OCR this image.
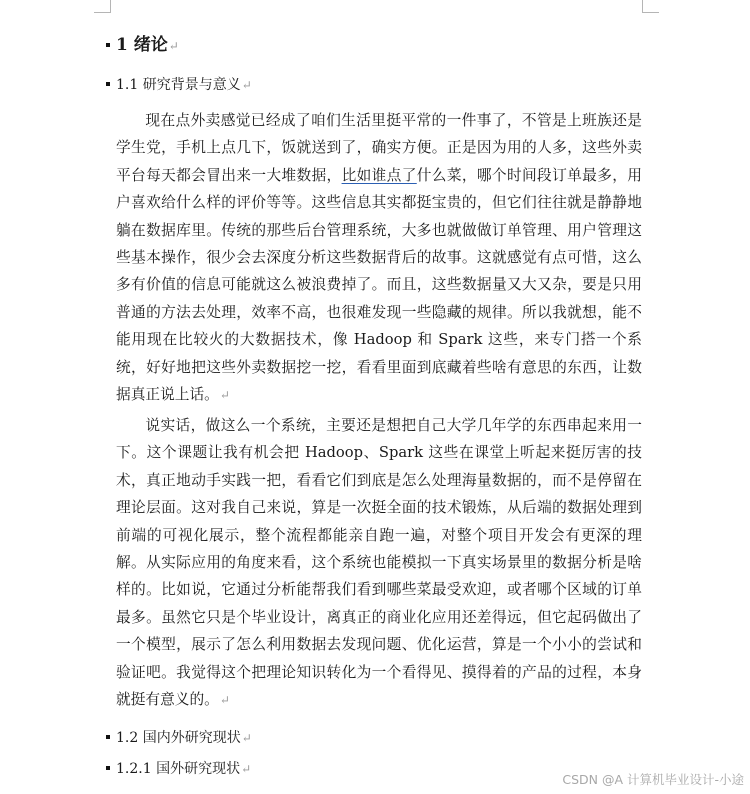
1 绪论↵
1.1 研究背景与意义↵

现在点外卖感觉已经成了咱们生活里挺平常的一件事了，不管是上班族还是学生党，手机上点几下，饭就送到了，确实方便。正是因为用的人多，这些外卖平台每天都会冒出来一大堆数据，比如谁点了什么菜，哪个时间段订单最多，用户喜欢给什么样的评价等等。这些信息其实都挺宝贵的，但它们往往就是静静地躺在数据库里。传统的那些后台管理系统，大多也就做做订单管理、用户管理这些基本操作，很少会去深度分析这些数据背后的故事。这就感觉有点可惜，这么多有价值的信息可能就这么被浪费掉了。而且，这些数据量又大又杂，要是只用普通的方法去处理，效率不高，也很难发现一些隐藏的规律。所以我就想，能不能用现在比较火的大数据技术，像 Hadoop 和 Spark 这些，来专门搭一个系统，好好地把这些外卖数据挖一挖，看看里面到底藏着些啥有意思的东西，让数据真正说上话。↵

说实话，做这么一个系统，主要还是想把自己大学几年学的东西串起来用一下。这个课题让我有机会把 Hadoop、Spark 这些在课堂上听起来挺厉害的技术，真正地动手实践一把，看看它们到底是怎么处理海量数据的，而不是停留在理论层面。这对我自己来说，算是一次挺全面的技术锻炼，从后端的数据处理到前端的可视化展示，整个流程都能亲自跑一遍，对整个项目开发会有更深的理解。从实际应用的角度来看，这个系统也能模拟一下真实场景里的数据分析是啥样的。比如说，它通过分析能帮我们看到哪些菜最受欢迎，或者哪个区域的订单最多。虽然它只是个毕业设计，离真正的商业化应用还差得远，但它起码做出了一个模型，展示了怎么利用数据去发现问题、优化运营，算是一个小小的尝试和验证吧。我觉得这个把理论知识转化为一个看得见、摸得着的产品的过程，本身就挺有意义的。↵

1.2 国内外研究现状↵
1.2.1 国外研究现状↵
CSDN @A 计算机毕业设计-小途
